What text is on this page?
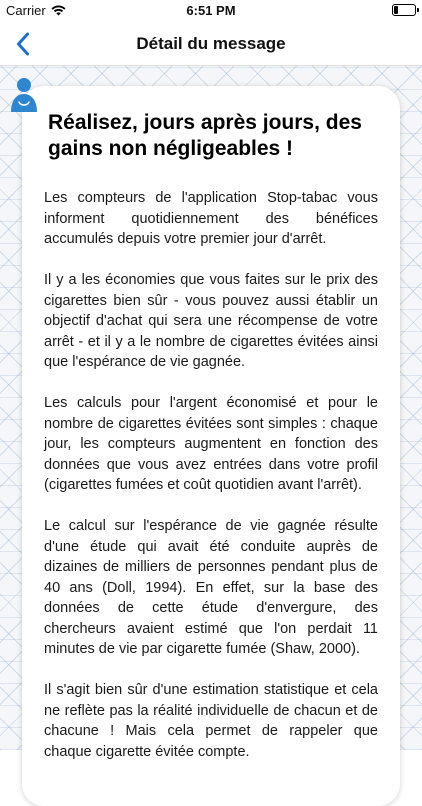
Carrier	6:51 PM
Détail du message
Réalisez, jours après jours, des gains non négligeables !

Les compteurs de l'application Stop-tabac vous informent quotidiennement des bénéfices accumulés depuis votre premier jour d'arrêt.

Il y a les économies que vous faites sur le prix des cigarettes bien sûr - vous pouvez aussi établir un objectif d'achat qui sera une récompense de votre arrêt - et il y a le nombre de cigarettes évitées ainsi que l'espérance de vie gagnée.

Les calculs pour l'argent économisé et pour le nombre de cigarettes évitées sont simples : chaque jour, les compteurs augmentent en fonction des données que vous avez entrées dans votre profil (cigarettes fumées et coût quotidien avant l'arrêt).

Le calcul sur l'espérance de vie gagnée résulte d'une étude qui avait été conduite auprès de dizaines de milliers de personnes pendant plus de 40 ans (Doll, 1994). En effet, sur la base des données de cette étude d'envergure, des chercheurs avaient estimé que l'on perdait 11 minutes de vie par cigarette fumée (Shaw, 2000).

Il s'agit bien sûr d'une estimation statistique et cela ne reflète pas la réalité individuelle de chacun et de chacune ! Mais cela permet de rappeler que chaque cigarette évitée compte.
